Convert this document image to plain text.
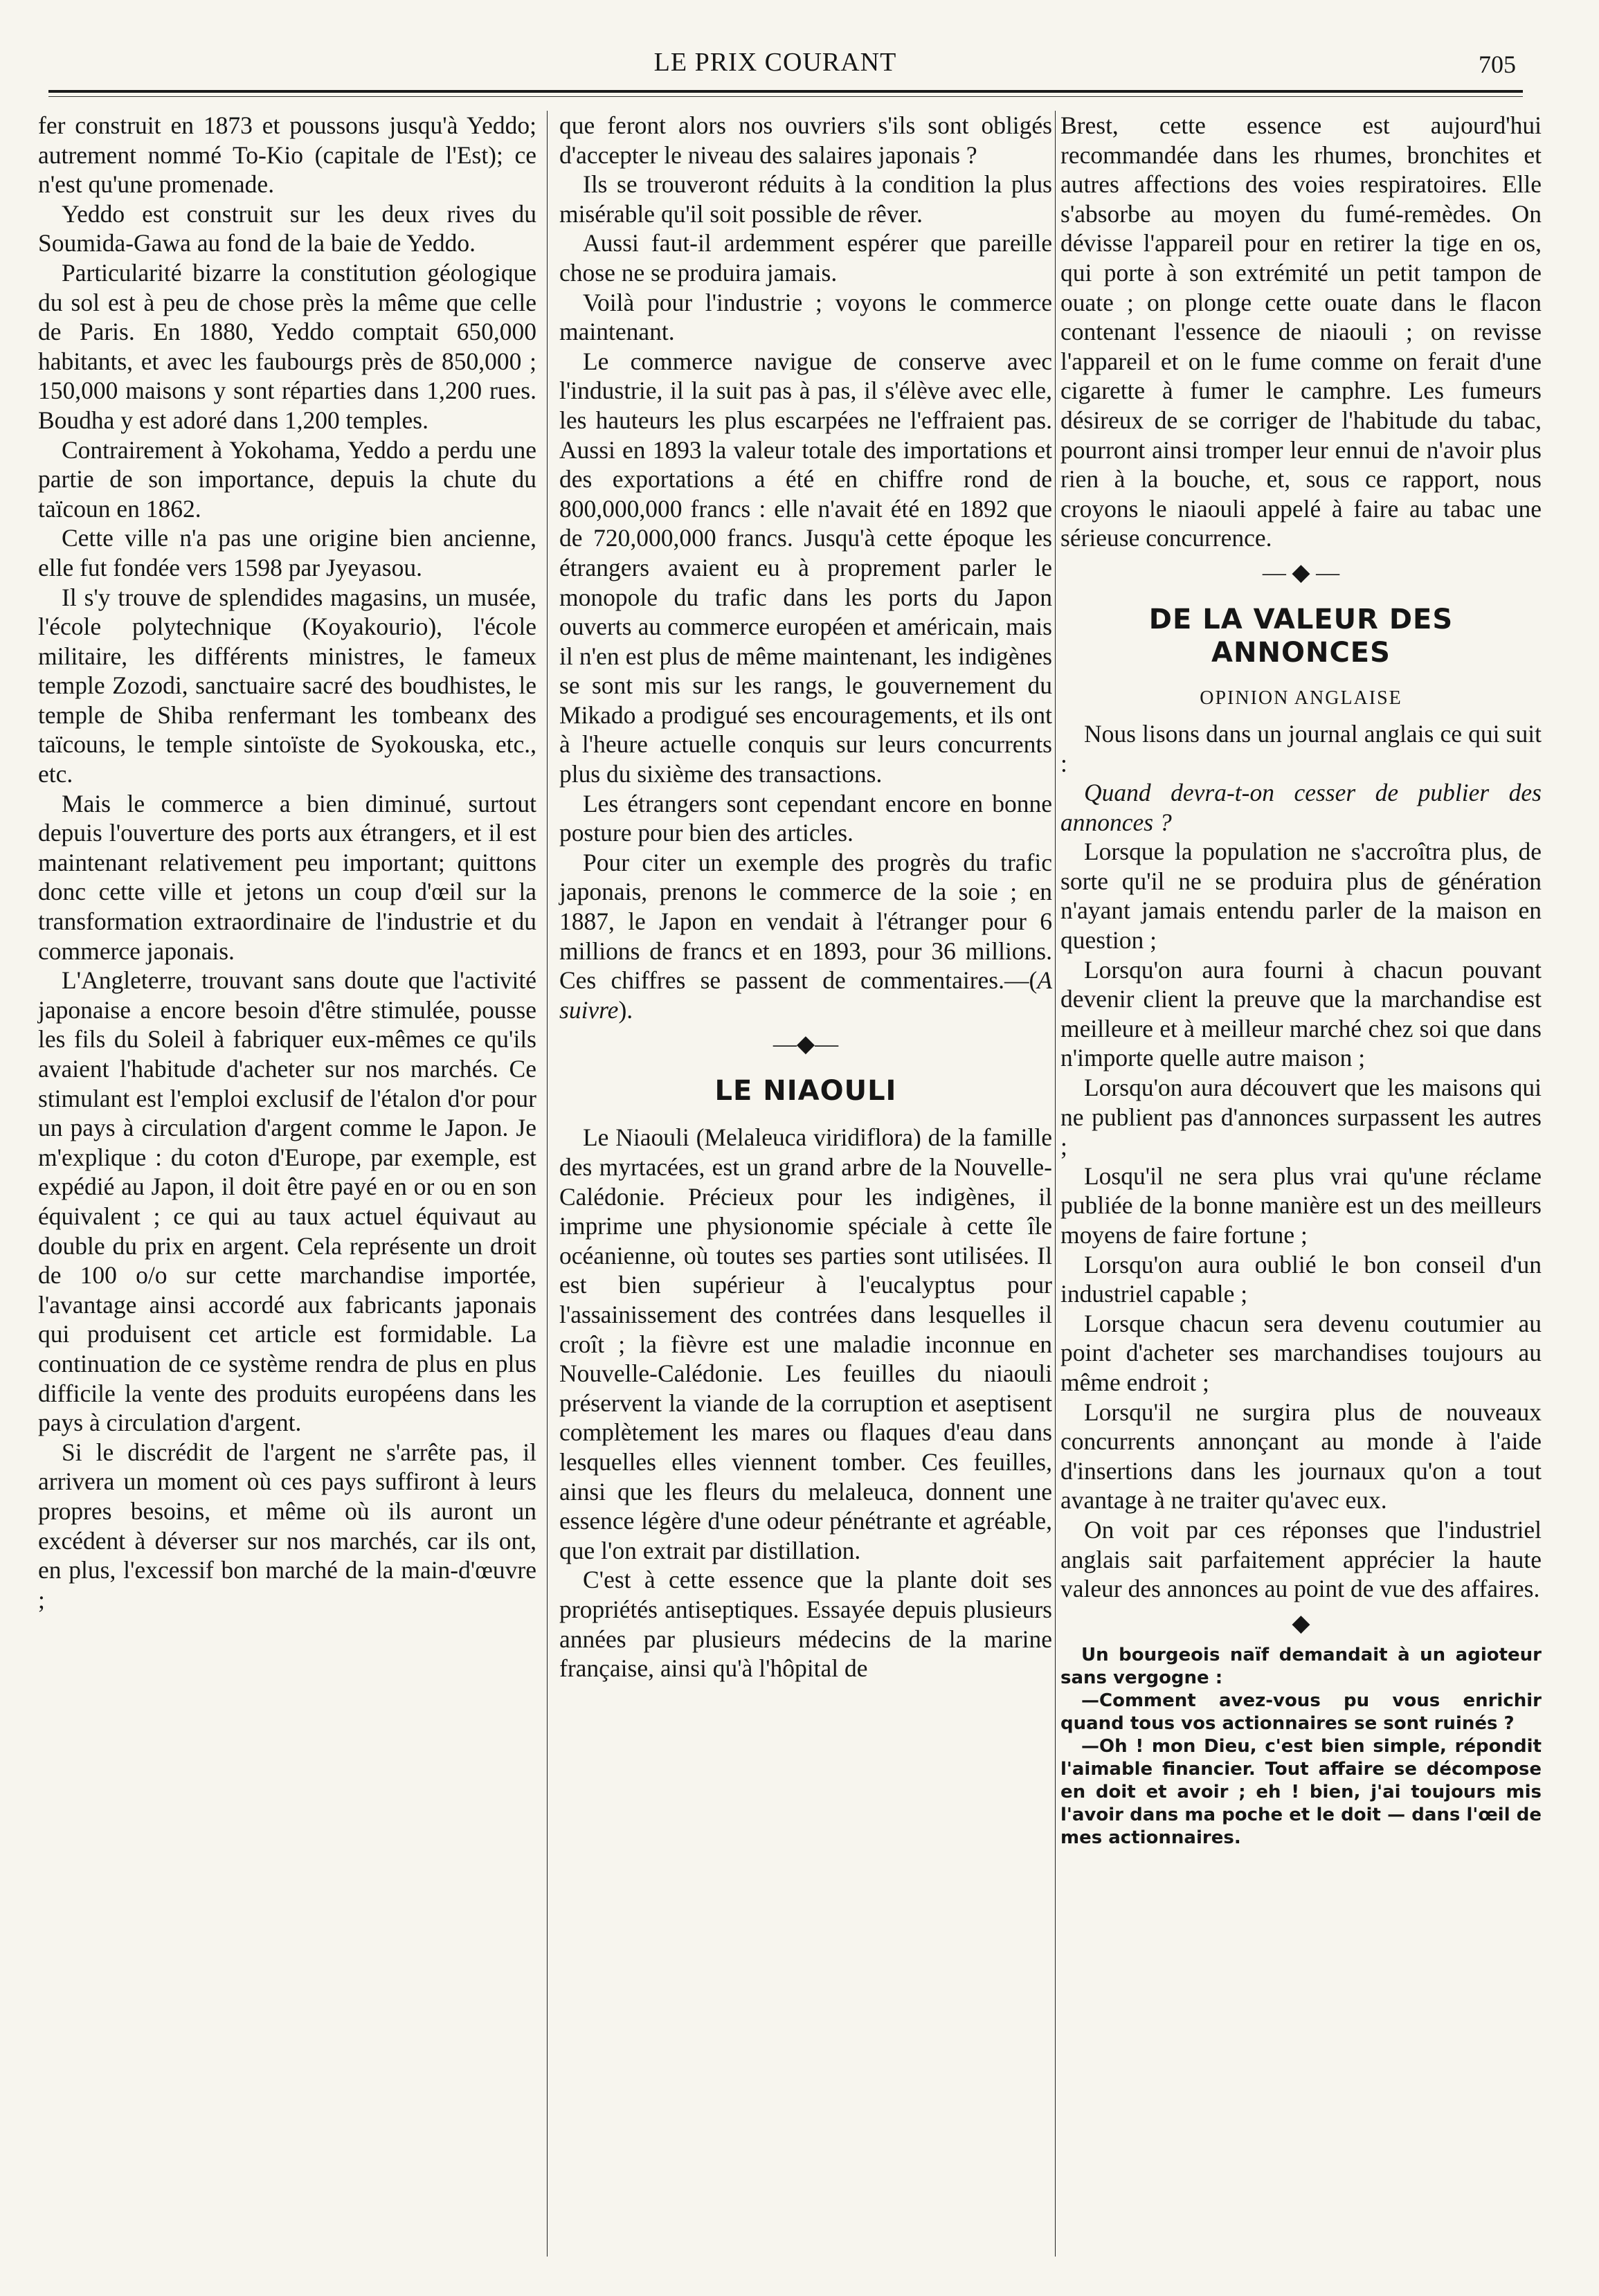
LE PRIX COURANT	705

fer construit en 1873 et poussons jusqu'à Yeddo; autrement nommé To-Kio (capitale de l'Est); ce n'est qu'une promenade.

Yeddo est construit sur les deux rives du Soumida-Gawa au fond de la baie de Yeddo.

Particularité bizarre la constitution géologique du sol est à peu de chose près la même que celle de Paris. En 1880, Yeddo comptait 650,000 habitants, et avec les faubourgs près de 850,000 ; 150,000 maisons y sont réparties dans 1,200 rues. Boudha y est adoré dans 1,200 temples.

Contrairement à Yokohama, Yeddo a perdu une partie de son importance, depuis la chute du taïcoun en 1862.

Cette ville n'a pas une origine bien ancienne, elle fut fondée vers 1598 par Jyeyasou.

Il s'y trouve de splendides magasins, un musée, l'école polytechnique (Koyakourio), l'école militaire, les différents ministres, le fameux temple Zozodi, sanctuaire sacré des boudhistes, le temple de Shiba renfermant les tombeanx des taïcouns, le temple sintoïste de Syokouska, etc., etc.

Mais le commerce a bien diminué, surtout depuis l'ouverture des ports aux étrangers, et il est maintenant relativement peu important; quittons donc cette ville et jetons un coup d'œil sur la transformation extraordinaire de l'industrie et du commerce japonais.

L'Angleterre, trouvant sans doute que l'activité japonaise a encore besoin d'être stimulée, pousse les fils du Soleil à fabriquer eux-mêmes ce qu'ils avaient l'habitude d'acheter sur nos marchés. Ce stimulant est l'emploi exclusif de l'étalon d'or pour un pays à circulation d'argent comme le Japon. Je m'explique : du coton d'Europe, par exemple, est expédié au Japon, il doit être payé en or ou en son équivalent ; ce qui au taux actuel équivaut au double du prix en argent. Cela représente un droit de 100 o/o sur cette marchandise importée, l'avantage ainsi accordé aux fabricants japonais qui produisent cet article est formidable. La continuation de ce système rendra de plus en plus difficile la vente des produits européens dans les pays à circulation d'argent.

Si le discrédit de l'argent ne s'arrête pas, il arrivera un moment où ces pays suffiront à leurs propres besoins, et même où ils auront un excédent à déverser sur nos marchés, car ils ont, en plus, l'excessif bon marché de la main-d'œuvre ;

que feront alors nos ouvriers s'ils sont obligés d'accepter le niveau des salaires japonais ?

Ils se trouveront réduits à la condition la plus misérable qu'il soit possible de rêver.

Aussi faut-il ardemment espérer que pareille chose ne se produira jamais.

Voilà pour l'industrie ; voyons le commerce maintenant.

Le commerce navigue de conserve avec l'industrie, il la suit pas à pas, il s'élève avec elle, les hauteurs les plus escarpées ne l'effraient pas. Aussi en 1893 la valeur totale des importations et des exportations a été en chiffre rond de 800,000,000 francs : elle n'avait été en 1892 que de 720,000,000 francs. Jusqu'à cette époque les étrangers avaient eu à proprement parler le monopole du trafic dans les ports du Japon ouverts au commerce européen et américain, mais il n'en est plus de même maintenant, les indigènes se sont mis sur les rangs, le gouvernement du Mikado a prodigué ses encouragements, et ils ont à l'heure actuelle conquis sur leurs concurrents plus du sixième des transactions.

Les étrangers sont cependant encore en bonne posture pour bien des articles.

Pour citer un exemple des progrès du trafic japonais, prenons le commerce de la soie ; en 1887, le Japon en vendait à l'étranger pour 6 millions de francs et en 1893, pour 36 millions. Ces chiffres se passent de commentaires.—(A suivre).

—◆—
LE NIAOULI

Le Niaouli (Melaleuca viridiflora) de la famille des myrtacées, est un grand arbre de la Nouvelle-Calédonie. Précieux pour les indigènes, il imprime une physionomie spéciale à cette île océanienne, où toutes ses parties sont utilisées. Il est bien supérieur à l'eucalyptus pour l'assainissement des contrées dans lesquelles il croît ; la fièvre est une maladie inconnue en Nouvelle-Calédonie. Les feuilles du niaouli préservent la viande de la corruption et aseptisent complètement les mares ou flaques d'eau dans lesquelles elles viennent tomber. Ces feuilles, ainsi que les fleurs du melaleuca, donnent une essence légère d'une odeur pénétrante et agréable, que l'on extrait par distillation.

C'est à cette essence que la plante doit ses propriétés antiseptiques. Essayée depuis plusieurs années par plusieurs médecins de la marine française, ainsi qu'à l'hôpital de

Brest, cette essence est aujourd'hui recommandée dans les rhumes, bronchites et autres affections des voies respiratoires. Elle s'absorbe au moyen du fumé-remèdes. On dévisse l'appareil pour en retirer la tige en os, qui porte à son extrémité un petit tampon de ouate ; on plonge cette ouate dans le flacon contenant l'essence de niaouli ; on revisse l'appareil et on le fume comme on ferait d'une cigarette à fumer le camphre. Les fumeurs désireux de se corriger de l'habitude du tabac, pourront ainsi tromper leur ennui de n'avoir plus rien à la bouche, et, sous ce rapport, nous croyons le niaouli appelé à faire au tabac une sérieuse concurrence.

— ◆ —
DE LA VALEUR DES ANNONCES
OPINION ANGLAISE

Nous lisons dans un journal anglais ce qui suit :

Quand devra-t-on cesser de publier des annonces ?

Lorsque la population ne s'accroîtra plus, de sorte qu'il ne se produira plus de génération n'ayant jamais entendu parler de la maison en question ;

Lorsqu'on aura fourni à chacun pouvant devenir client la preuve que la marchandise est meilleure et à meilleur marché chez soi que dans n'importe quelle autre maison ;

Lorsqu'on aura découvert que les maisons qui ne publient pas d'annonces surpassent les autres ;

Losqu'il ne sera plus vrai qu'une réclame publiée de la bonne manière est un des meilleurs moyens de faire fortune ;

Lorsqu'on aura oublié le bon conseil d'un industriel capable ;

Lorsque chacun sera devenu coutumier au point d'acheter ses marchandises toujours au même endroit ;

Lorsqu'il ne surgira plus de nouveaux concurrents annonçant au monde à l'aide d'insertions dans les journaux qu'on a tout avantage à ne traiter qu'avec eux.

On voit par ces réponses que l'industriel anglais sait parfaitement apprécier la haute valeur des annonces au point de vue des affaires.

◆

Un bourgeois naïf demandait à un agioteur sans vergogne :

—Comment avez-vous pu vous enrichir quand tous vos actionnaires se sont ruinés ?

—Oh ! mon Dieu, c'est bien simple, répondit l'aimable financier. Tout affaire se décompose en doit et avoir ; eh ! bien, j'ai toujours mis l'avoir dans ma poche et le doit — dans l'œil de mes actionnaires.
